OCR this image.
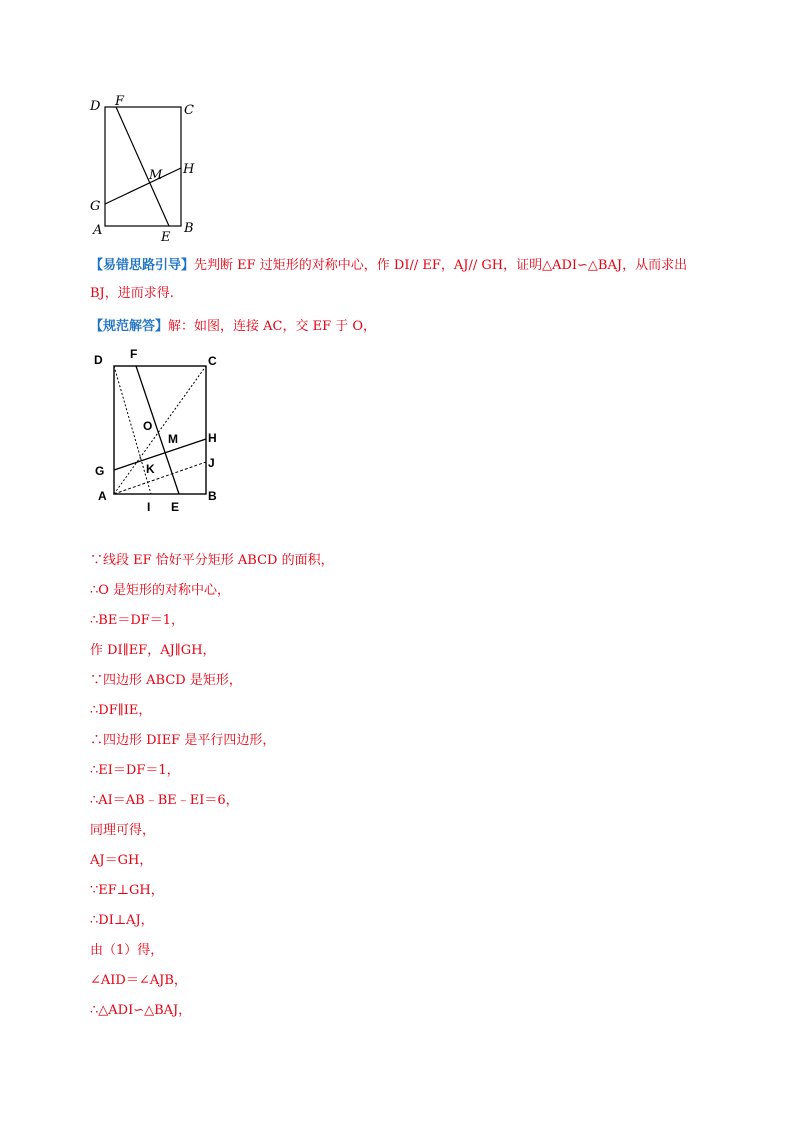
D F
C
H
M
G
A	E
B
【易错思路引导】先判断 EF 过矩形的对称中心，作 DI// EF，AJ// GH，证明△ADI∽△BAJ，从而求出
BJ，进而求得.
【规范解答】解：如图，连接 AC，交 EF 于 O，
D F	C
O
M	H
J
G	K
A
I E
B
∵线段 EF 恰好平分矩形 ABCD 的面积，
∴O 是矩形的对称中心，
∴BE＝DF＝1，
作 DI∥EF，AJ∥GH，
∵四边形 ABCD 是矩形，
∴DF∥IE，
∴四边形 DIEF 是平行四边形，
∴EI＝DF＝1，
∴AI＝AB﹣BE﹣EI＝6，
同理可得，
AJ＝GH，
∵EF⊥GH，
∴DI⊥AJ，
由（1）得，
∠AID＝∠AJB，
∴△ADI∽△BAJ，
